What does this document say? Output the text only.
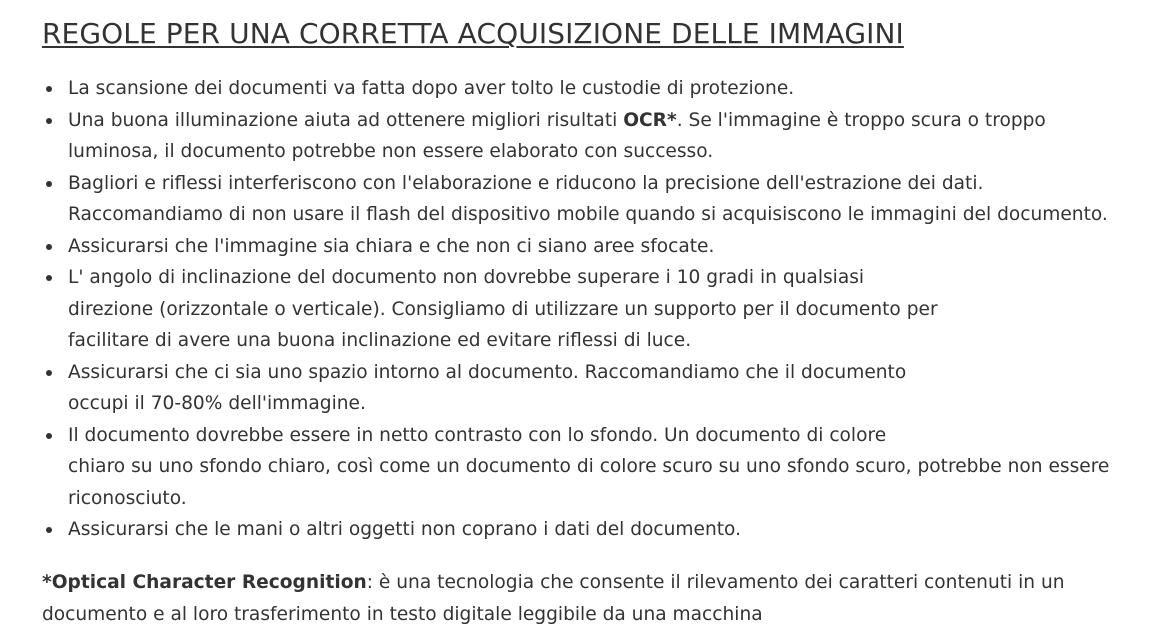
REGOLE PER UNA CORRETTA ACQUISIZIONE DELLE IMMAGINI
La scansione dei documenti va fatta dopo aver tolto le custodie di protezione.
Una buona illuminazione aiuta ad ottenere migliori risultati OCR*. Se l'immagine è troppo scura o troppo
luminosa, il documento potrebbe non essere elaborato con successo.
Bagliori e riflessi interferiscono con l'elaborazione e riducono la precisione dell'estrazione dei dati.
Raccomandiamo di non usare il flash del dispositivo mobile quando si acquisiscono le immagini del documento.
Assicurarsi che l'immagine sia chiara e che non ci siano aree sfocate.
L' angolo di inclinazione del documento non dovrebbe superare i 10 gradi in qualsiasi
direzione (orizzontale o verticale). Consigliamo di utilizzare un supporto per il documento per
facilitare di avere una buona inclinazione ed evitare riflessi di luce.
Assicurarsi che ci sia uno spazio intorno al documento. Raccomandiamo che il documento
occupi il 70-80% dell'immagine.
Il documento dovrebbe essere in netto contrasto con lo sfondo. Un documento di colore
chiaro su uno sfondo chiaro, così come un documento di colore scuro su uno sfondo scuro, potrebbe non essere
riconosciuto.
Assicurarsi che le mani o altri oggetti non coprano i dati del documento.

*Optical Character Recognition: è una tecnologia che consente il rilevamento dei caratteri contenuti in un
documento e al loro trasferimento in testo digitale leggibile da una macchina
